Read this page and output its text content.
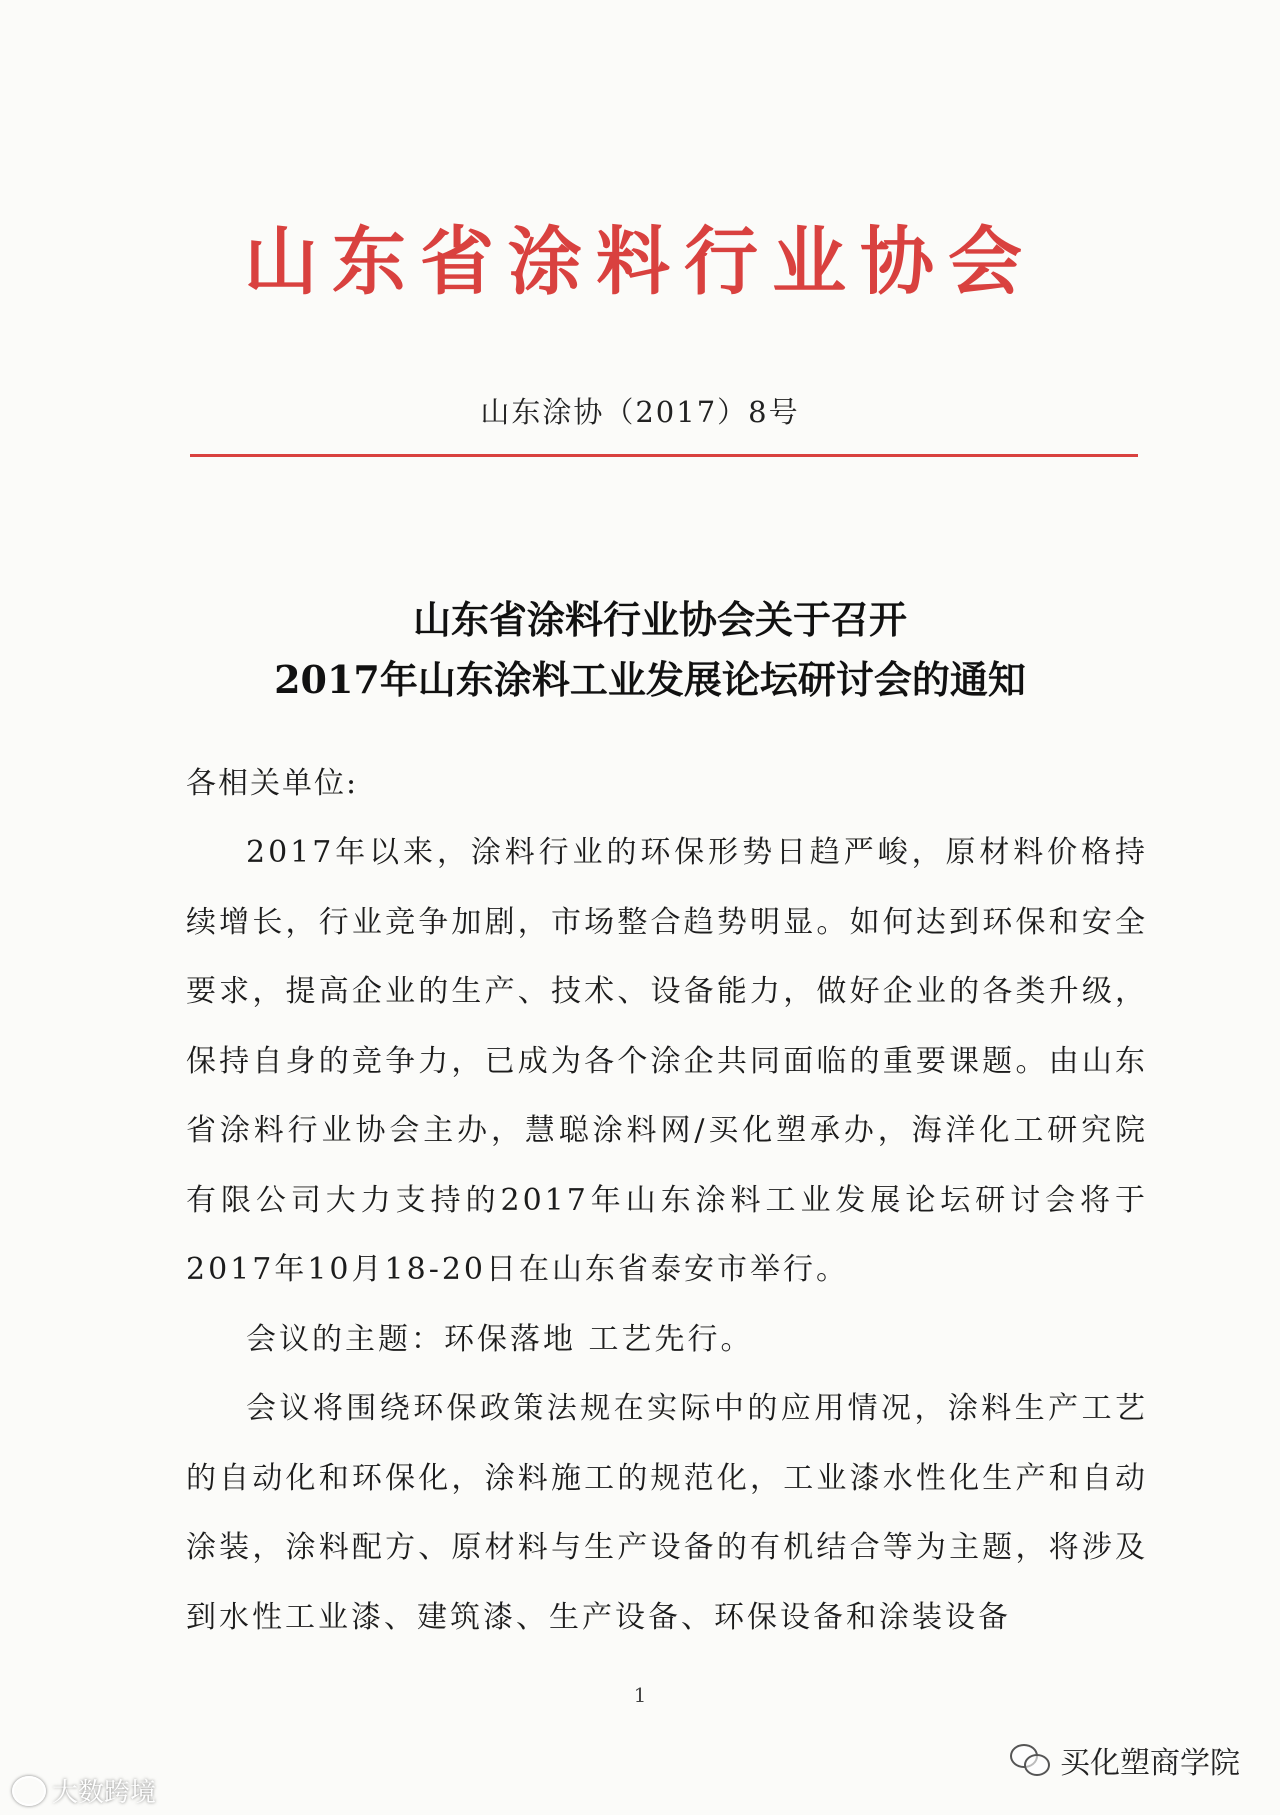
山东省涂料行业协会
山东涂协（2017）8号
山东省涂料行业协会关于召开
2017年山东涂料工业发展论坛研讨会的通知
各相关单位:

2017年以来，涂料行业的环保形势日趋严峻，原材料价格持续增长，行业竞争加剧，市场整合趋势明显。如何达到环保和安全要求，提高企业的生产、技术、设备能力，做好企业的各类升级，保持自身的竞争力，已成为各个涂企共同面临的重要课题。由山东省涂料行业协会主办，慧聪涂料网/买化塑承办，海洋化工研究院有限公司大力支持的2017年山东涂料工业发展论坛研讨会将于2017年10月18-20日在山东省泰安市举行。

会议的主题：环保落地 工艺先行。

会议将围绕环保政策法规在实际中的应用情况，涂料生产工艺的自动化和环保化，涂料施工的规范化，工业漆水性化生产和自动涂装，涂料配方、原材料与生产设备的有机结合等为主题，将涉及到水性工业漆、建筑漆、生产设备、环保设备和涂装设备

1
大数跨境
买化塑商学院
